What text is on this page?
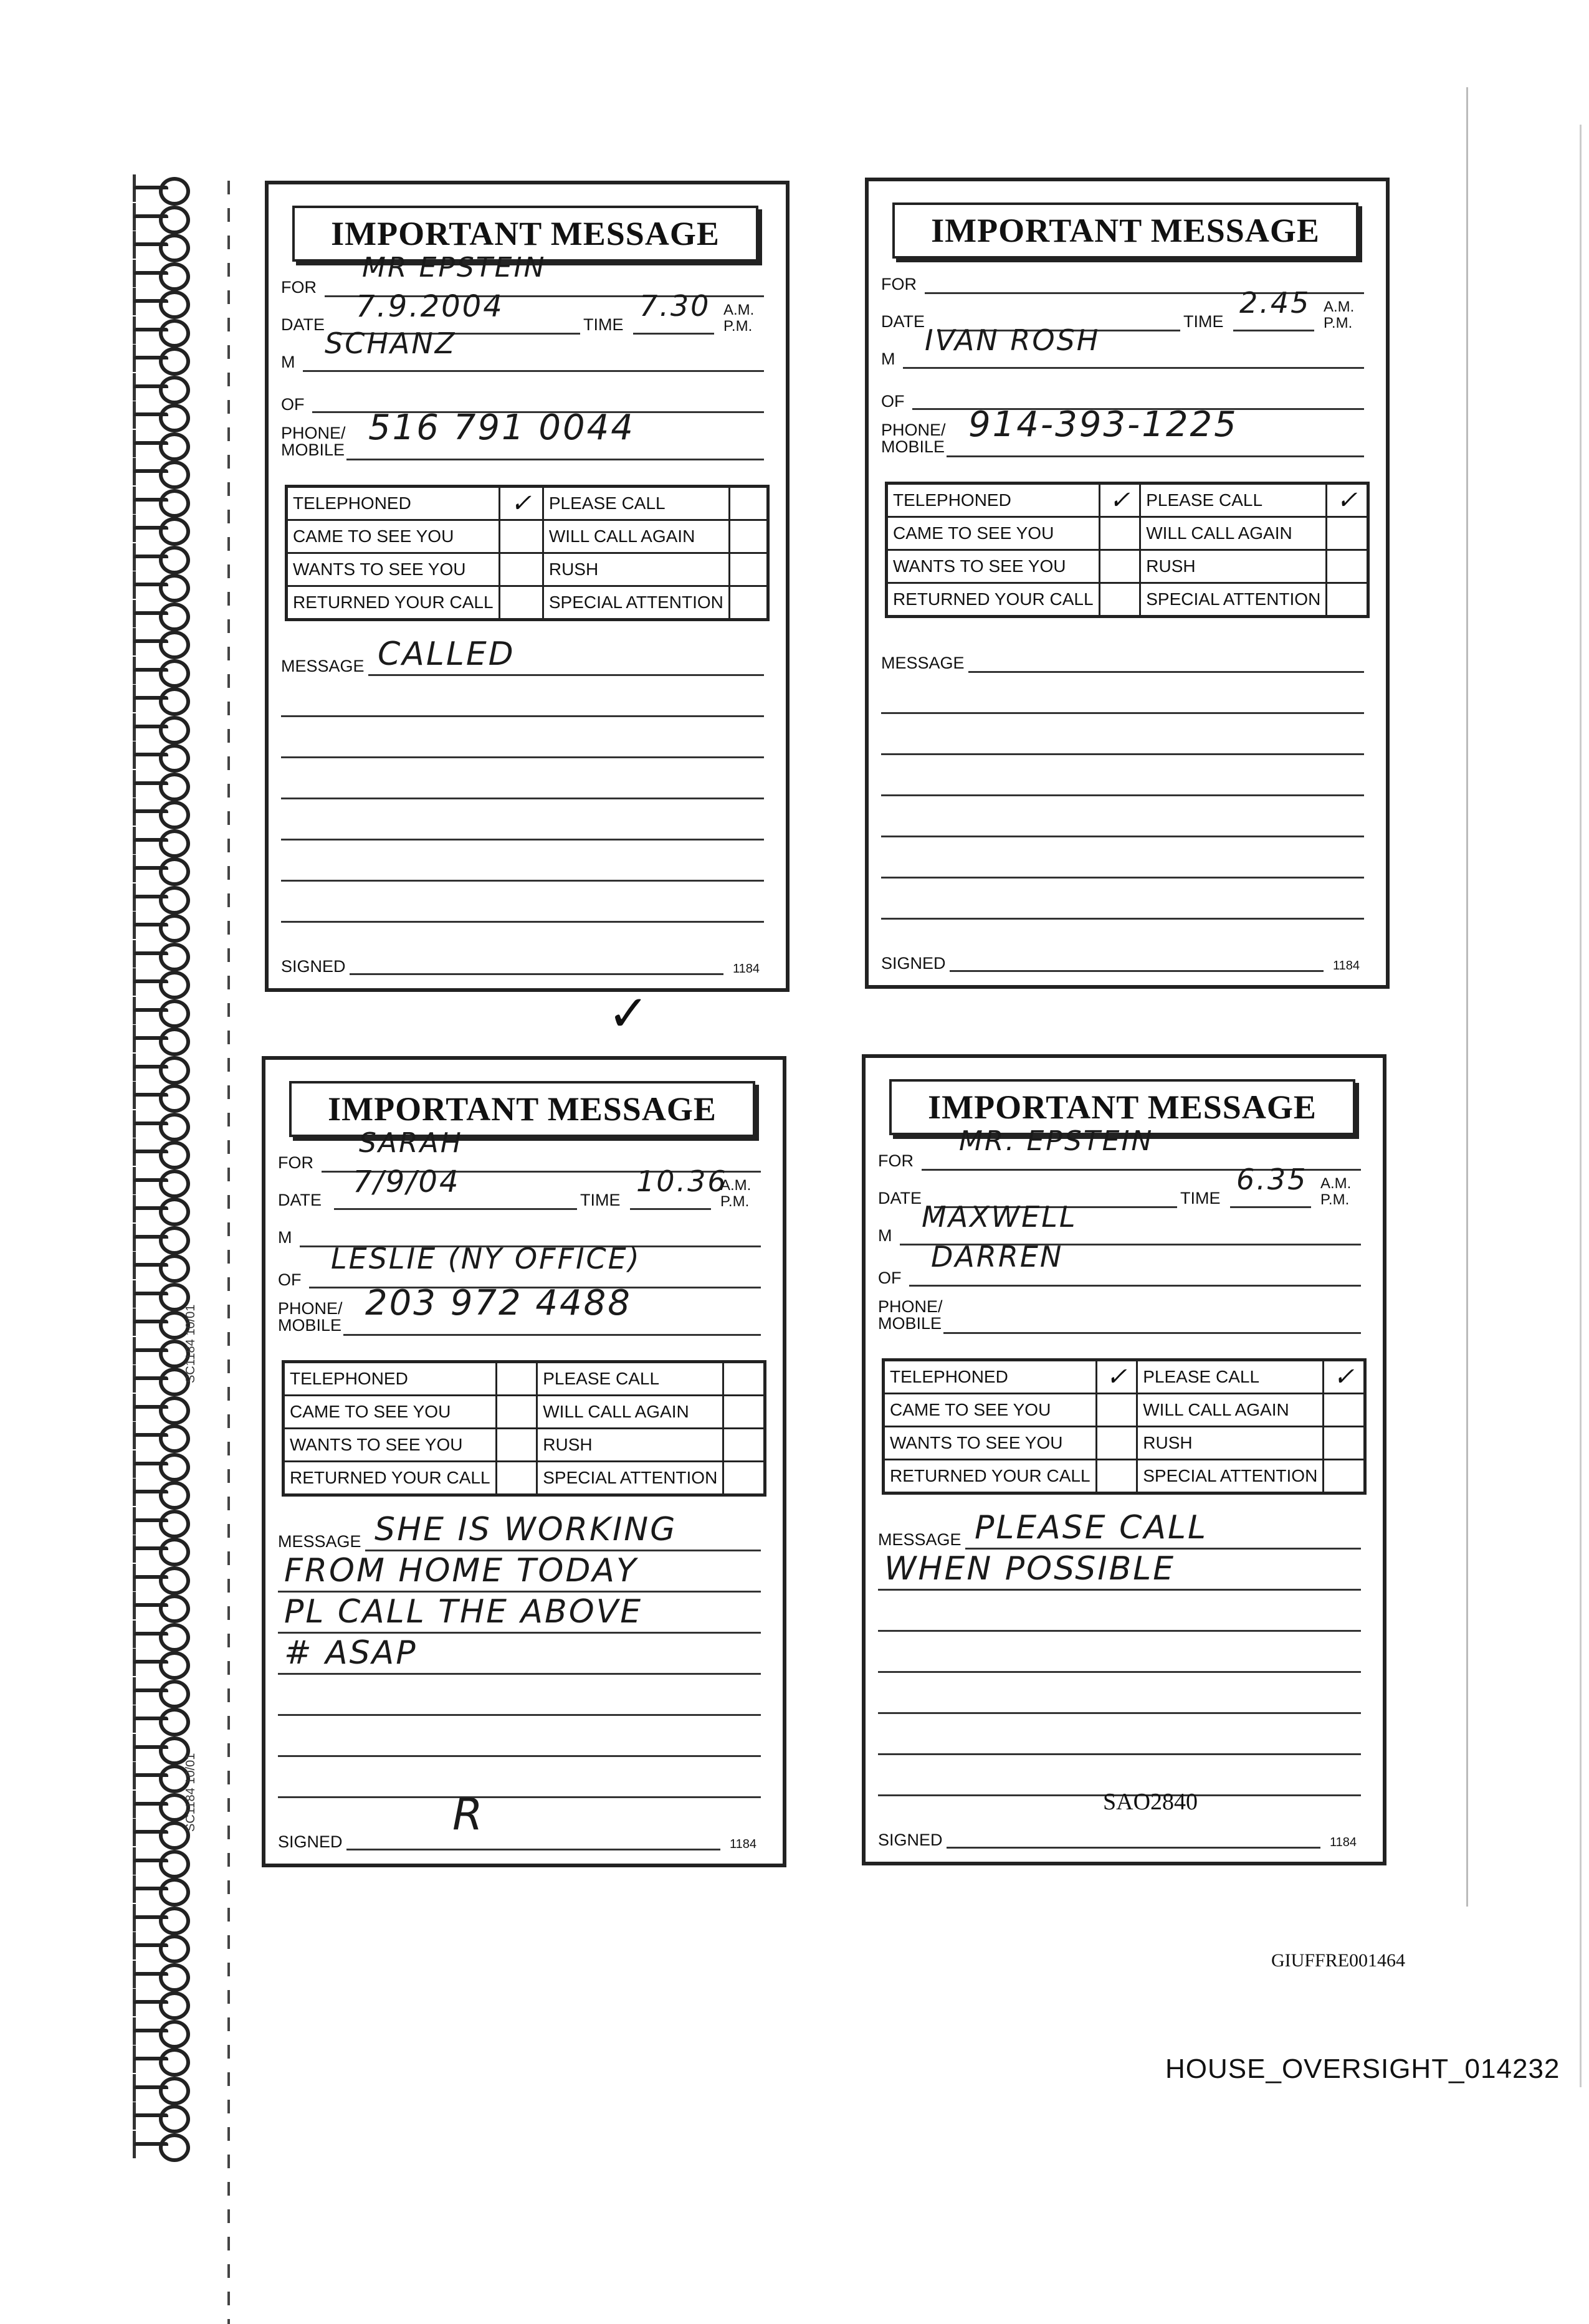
SC1184 10/01
SC1184 10/01
IMPORTANT MESSAGE
FOR
MR EPSTEIN
DATE
7.9.2004
TIME
7.30 A.M.
P.M.
M
SCHANZ
OF
PHONE/
MOBILE
516 791 0044
TELEPHONED	✓	PLEASE CALL	
CAME TO SEE YOU		WILL CALL AGAIN	
WANTS TO SEE YOU		RUSH	
RETURNED YOUR CALL		SPECIAL ATTENTION	
MESSAGE CALLED
SIGNED	1184
IMPORTANT MESSAGE
FOR
DATE	TIME
2.45 A.M.
P.M.
M
IVAN ROSH
OF
PHONE/
MOBILE
914-393-1225
TELEPHONED	✓	PLEASE CALL	✓
CAME TO SEE YOU		WILL CALL AGAIN	
WANTS TO SEE YOU		RUSH	
RETURNED YOUR CALL		SPECIAL ATTENTION	
MESSAGE
SIGNED	1184
IMPORTANT MESSAGE
FOR
SARAH
DATE
7/9/04
TIME
10.36
A.M.
P.M.
M
OF
LESLIE (NY OFFICE)
PHONE/
MOBILE
203 972 4488
TELEPHONED		PLEASE CALL	
CAME TO SEE YOU		WILL CALL AGAIN	
WANTS TO SEE YOU		RUSH	
RETURNED YOUR CALL		SPECIAL ATTENTION	
MESSAGE SHE IS WORKING
FROM HOME TODAY
PL CALL THE ABOVE
# ASAP
SIGNED
R
1184
IMPORTANT MESSAGE
FOR
MR. EPSTEIN
DATE	TIME
6.35 A.M.
P.M.
M
MAXWELL
OF
DARREN
PHONE/
MOBILE
TELEPHONED	✓	PLEASE CALL	✓
CAME TO SEE YOU		WILL CALL AGAIN	
WANTS TO SEE YOU		RUSH	
RETURNED YOUR CALL		SPECIAL ATTENTION	
MESSAGE PLEASE CALL
WHEN POSSIBLE
SIGNED	1184
✓
SAO2840
GIUFFRE001464
HOUSE_OVERSIGHT_014232
